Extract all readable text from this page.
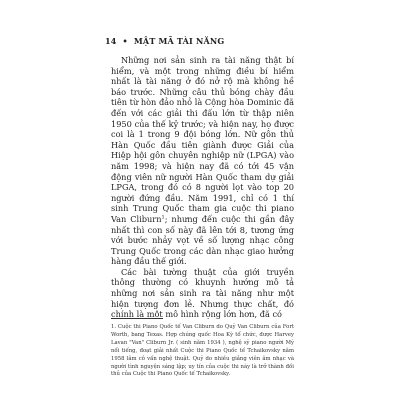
14 • MẬT MÃ TÀI NĂNG

Những nơi sản sinh ra tài năng thật bí hiểm, và một trong những điều bí hiểm nhất là tài năng ở đó nở rộ mà không hề báo trước. Những câu thủ bóng chày đầu tiên từ hòn đảo nhỏ là Cộng hòa Dominic đã đến với các giải thi đấu lớn từ thập niên 1950 của thế kỷ trước; và hiện nay, họ được coi là 1 trong 9 đội bóng lớn. Nữ gôn thủ Hàn Quốc đầu tiên giành được Giải của Hiệp hội gôn chuyên nghiệp nữ (LPGA) vào năm 1998; và hiện nay đã có tới 45 vận động viên nữ người Hàn Quốc tham dự giải LPGA, trong đó có 8 người lọt vào top 20 người đứng đầu. Năm 1991, chỉ có 1 thí sinh Trung Quốc tham gia cuộc thi piano Van Cliburn$^1$; nhưng đến cuộc thi gần đây nhất thì con số này đã lên tới 8, tương ứng với bước nhảy vọt về số lượng nhạc công Trung Quốc trong các dàn nhạc giao hưởng hàng đầu thế giới.

Các bài tường thuật của giới truyền thông thường có khuynh hướng mô tả những nơi sản sinh ra tài năng như một hiện tượng đơn lẻ. Nhưng thực chất, đó chính là một mô hình rộng lớn hơn, đã có

1. Cuộc thi Piano Quốc tế Van Cliburn do Quỹ Van Cliburn của Fort Worth, bang Texas. Hợp chúng quốc Hoa Kỳ tổ chức, được Harvey Lavan "Van" Cliburn Jr. ( sinh năm 1934 ), nghệ sỹ piano người Mỹ nổi tiếng, đoạt giải nhất Cuộc thi Piano Quốc tế Tchaikovsky năm 1958 lâm cô vấn nghệ thuật. Quỹ do nhiều giảng viên âm nhạc và người tình nguyện sáng lập; uy tín của cuộc thi này là trở thành đối thủ của Cuộc thi Piano Quốc tế Tchaikovsky.
